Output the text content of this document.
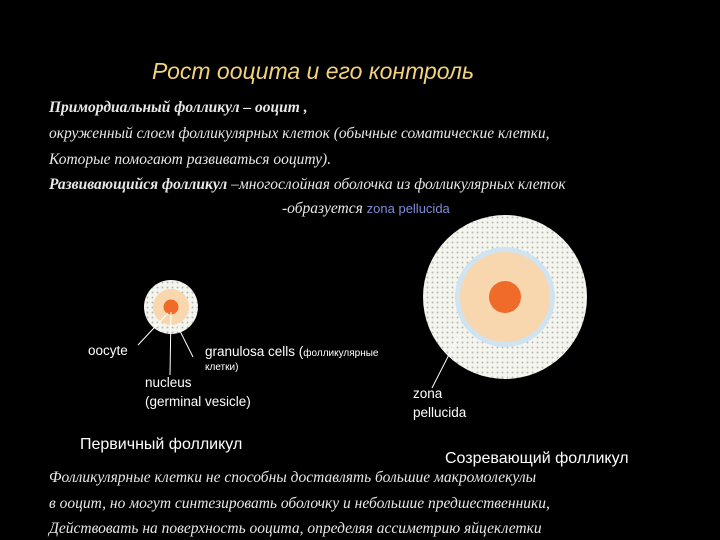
Рост ооцита и его контроль

Примордиальный фолликул – ооцит ,

окруженный слоем фолликулярных клеток (обычные соматические клетки,

Которые помогают развиваться ооциту).

Развивающийся фолликул –многослойная оболочка из фолликулярных клеток

-образуется zona pellucida

oocyte	granulosa cells (фолликулярные

клетки)

nucleus

(germinal vesicle)

zona

pellucida

Первичный фолликул

Созревающий фолликул

Фолликулярные клетки не способны доставлять большие макромолекулы

в ооцит, но могут синтезировать оболочку и небольшие предшественники,

Действовать на поверхность ооцита, определяя ассиметрию яйцеклетки
